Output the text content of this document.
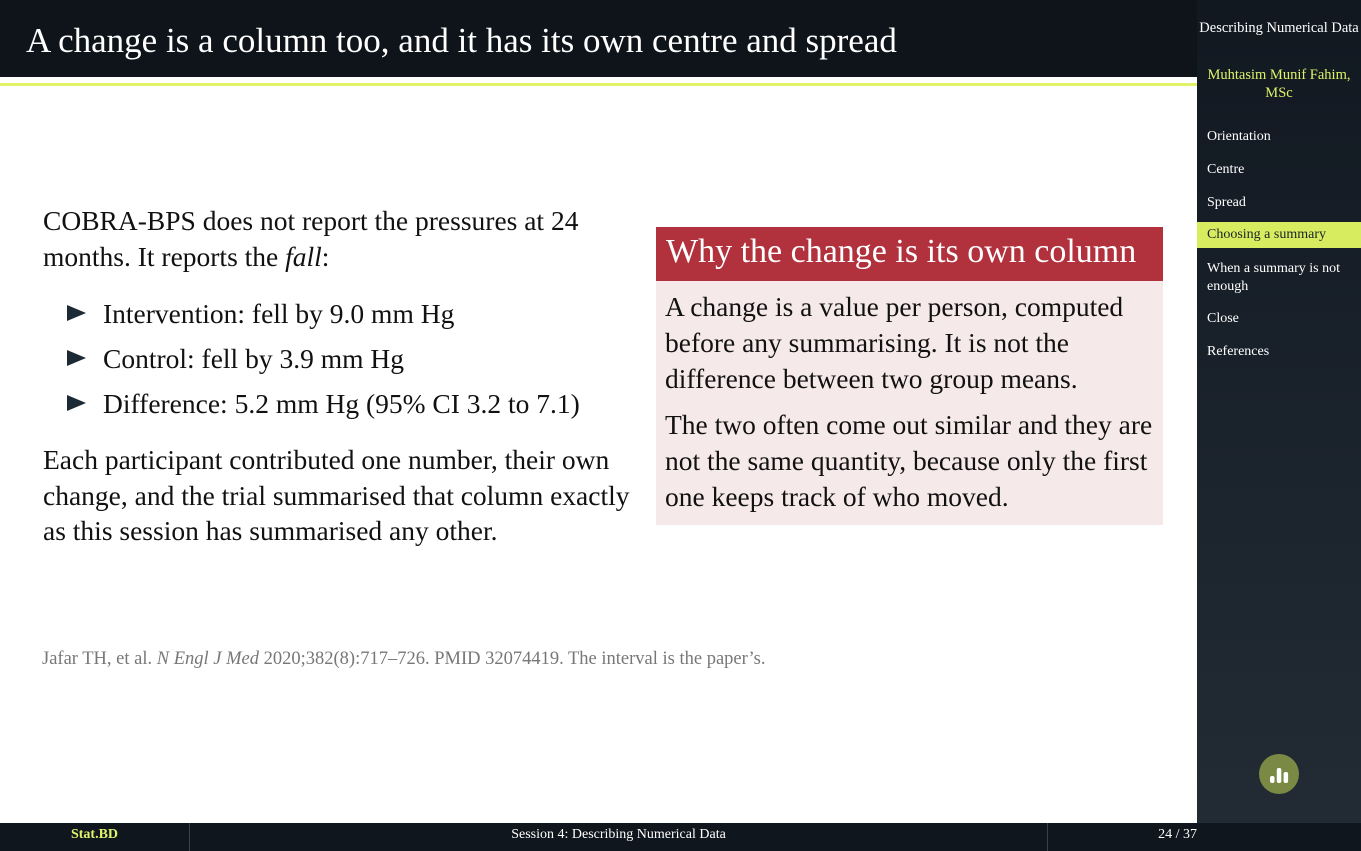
A change is a column too, and it has its own centre and spread	Describing Numerical Data
Muhtasim Munif Fahim, MSc
Orientation
Centre
Spread
Choosing a summary
When a summary is not enough
Close
References

COBRA-BPS does not report the pressures at 24 months. It reports the fall:

Intervention: fell by 9.0 mm Hg
Control: fell by 3.9 mm Hg
Difference: 5.2 mm Hg (95% CI 3.2 to 7.1)

Each participant contributed one number, their own change, and the trial summarised that column exactly as this session has summarised any other.

Why the change is its own column

A change is a value per person, computed before any summarising. It is not the difference between two group means.

The two often come out similar and they are not the same quantity, because only the first one keeps track of who moved.

Jafar TH, et al. N Engl J Med 2020;382(8):717–726. PMID 32074419. The interval is the paper’s.
Stat.BD	Session 4: Describing Numerical Data	24 / 37
